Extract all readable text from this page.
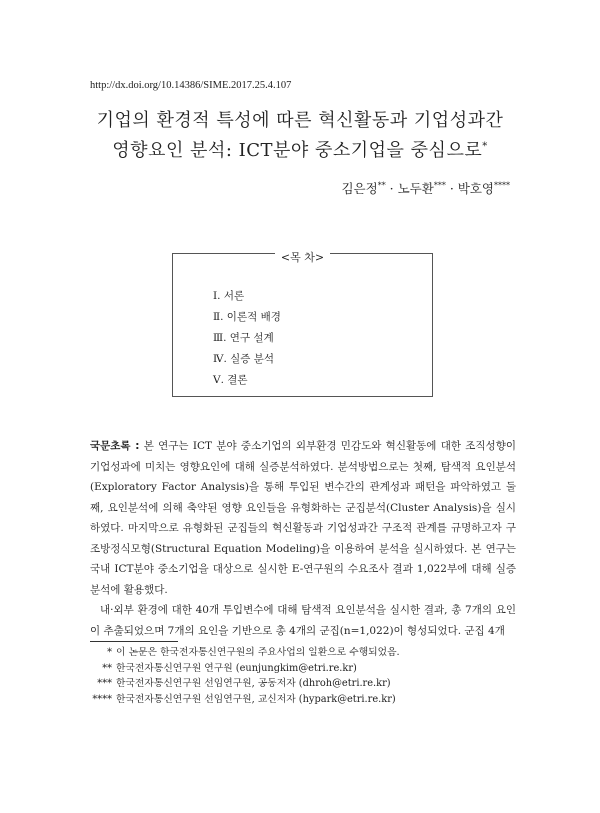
http://dx.doi.org/10.14386/SIME.2017.25.4.107
기업의 환경적 특성에 따른 혁신활동과 기업성과간
영향요인 분석: ICT분야 중소기업을 중심으로*
김은정** · 노두환*** · 박호영****
<목 차>
Ⅰ. 서론
Ⅱ. 이론적 배경
Ⅲ. 연구 설계
Ⅳ. 실증 분석
Ⅴ. 결론

국문초록 : 본 연구는 ICT 분야 중소기업의 외부환경 민감도와 혁신활동에 대한 조직성향이 기업성과에 미치는 영향요인에 대해 실증분석하였다. 분석방법으로는 첫째, 탐색적 요인분석(Exploratory Factor Analysis)을 통해 투입된 변수간의 관계성과 패턴을 파악하였고 둘째, 요인분석에 의해 축약된 영향 요인들을 유형화하는 군집분석(Cluster Analysis)을 실시하였다. 마지막으로 유형화된 군집들의 혁신활동과 기업성과간 구조적 관계를 규명하고자 구조방정식모형(Structural Equation Modeling)을 이용하여 분석을 실시하였다. 본 연구는 국내 ICT분야 중소기업을 대상으로 실시한 E-연구원의 수요조사 결과 1,022부에 대해 실증분석에 활용했다.

내·외부 환경에 대한 40개 투입변수에 대해 탐색적 요인분석을 실시한 결과, 총 7개의 요인이 추출되었으며 7개의 요인을 기반으로 총 4개의 군집(n=1,022)이 형성되었다. 군집 4개

* 이 논문은 한국전자통신연구원의 주요사업의 일환으로 수행되었음.
** 한국전자통신연구원 연구원 (eunjungkim@etri.re.kr)
*** 한국전자통신연구원 선임연구원, 공동저자 (dhroh@etri.re.kr)
**** 한국전자통신연구원 선임연구원, 교신저자 (hypark@etri.re.kr)
